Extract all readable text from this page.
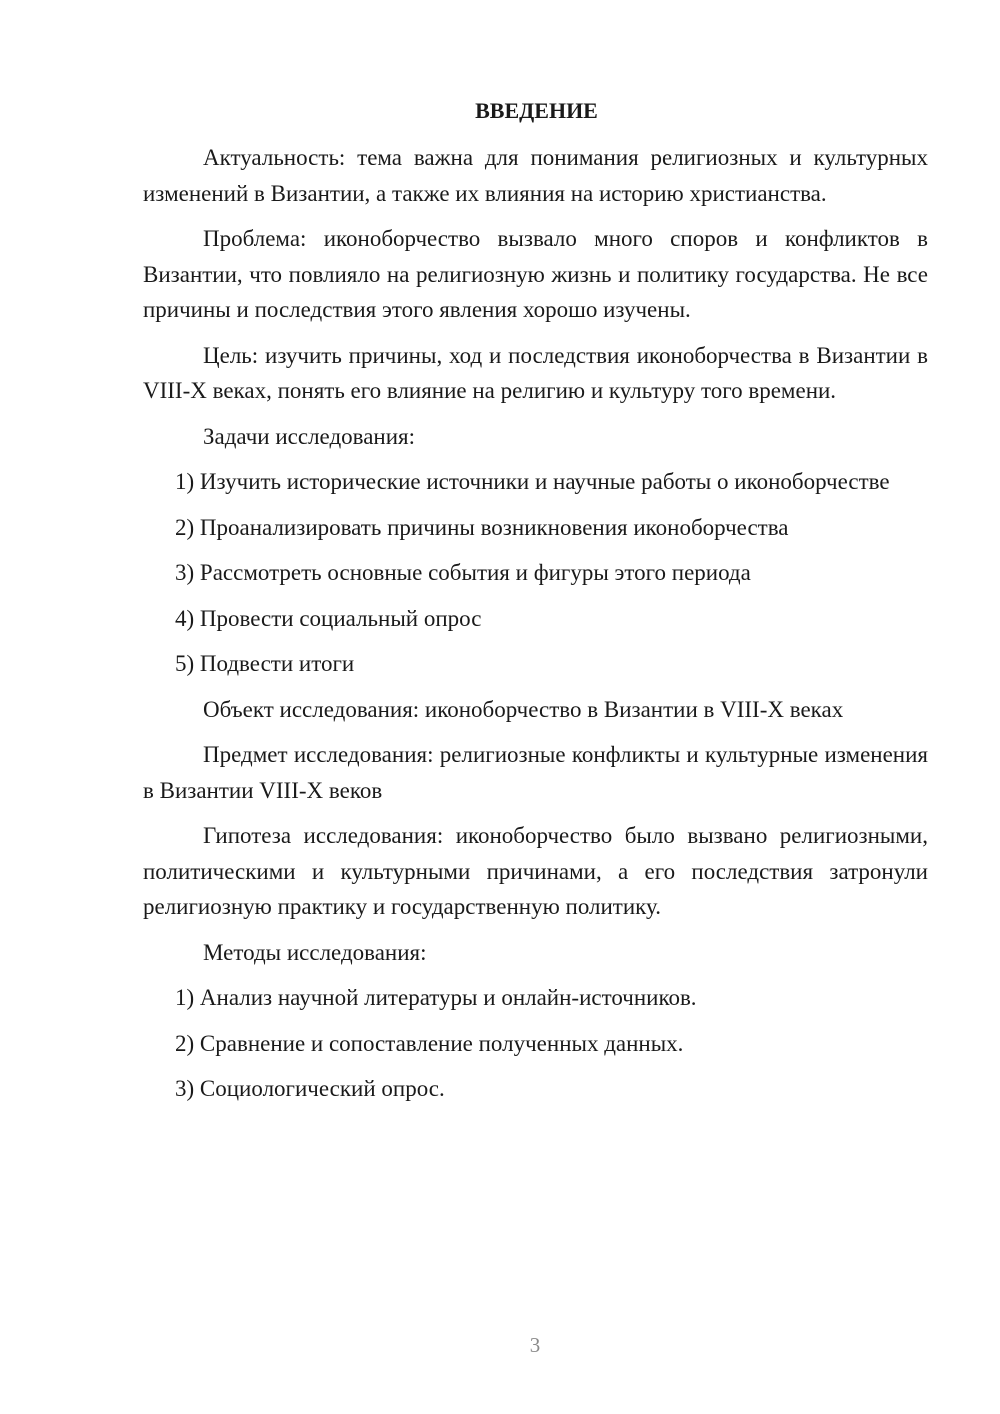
ВВЕДЕНИЕ

Актуальность: тема важна для понимания религиозных и культурных изменений в Византии, а также их влияния на историю христианства.

Проблема: иконоборчество вызвало много споров и конфликтов в Византии, что повлияло на религиозную жизнь и политику государства. Не все причины и последствия этого явления хорошо изучены.

Цель: изучить причины, ход и последствия иконоборчества в Византии в VIII-X веках, понять его влияние на религию и культуру того времени.

Задачи исследования:

1) Изучить исторические источники и научные работы о иконоборчестве

2) Проанализировать причины возникновения иконоборчества

3) Рассмотреть основные события и фигуры этого периода

4) Провести социальный опрос

5) Подвести итоги

Объект исследования: иконоборчество в Византии в VIII-X веках

Предмет исследования: религиозные конфликты и культурные изменения в Византии VIII-X веков

Гипотеза исследования: иконоборчество было вызвано религиозными, политическими и культурными причинами, а его последствия затронули религиозную практику и государственную политику.

Методы исследования:

1) Анализ научной литературы и онлайн-источников.

2) Сравнение и сопоставление полученных данных.

3) Социологический опрос.

3
